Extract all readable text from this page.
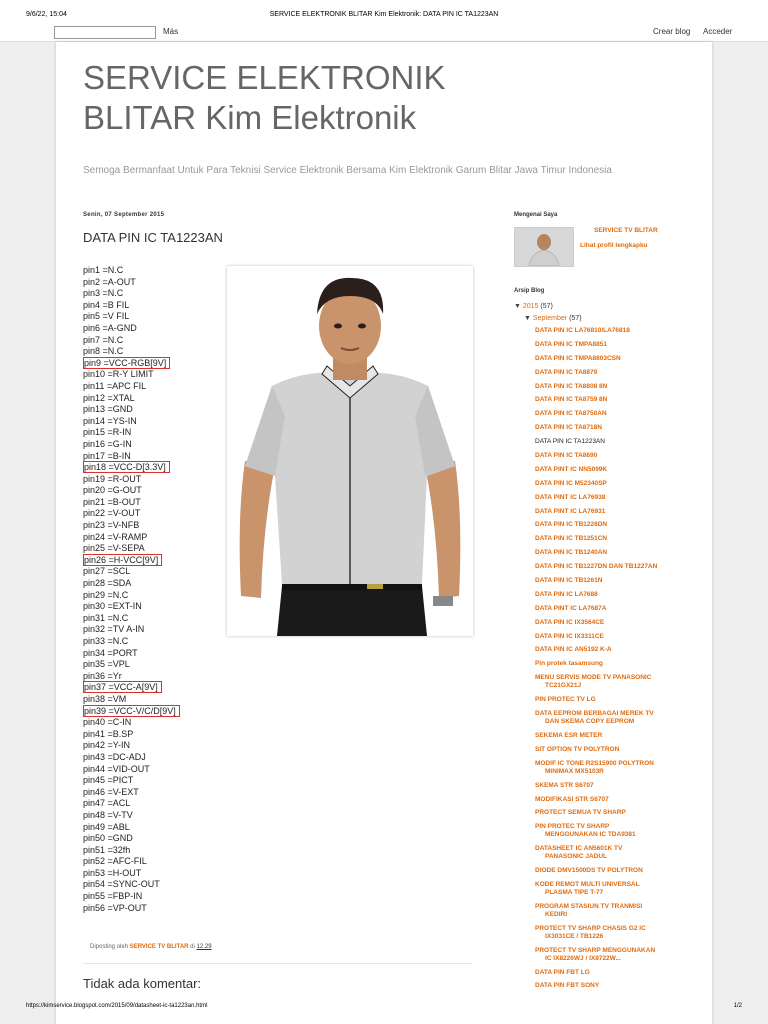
9/6/22, 15:04	SERVICE ELEKTRONIK BLITAR Kim Elektronik: DATA PIN IC TA1223AN
Más	Crear blog Acceder
SERVICE ELEKTRONIK
BLITAR Kim Elektronik
Semoga Bermanfaat Untuk Para Teknisi Service Elektronik Bersama Kim Elektronik Garum Blitar Jawa Timur Indonesia
Senin, 07 September 2015
DATA PIN IC TA1223AN
pin1 =N.C
pin2 =A-OUT
pin3 =N.C
pin4 =B FIL
pin5 =V FIL
pin6 =A-GND
pin7 =N.C
pin8 =N.C
pin9 =VCC-RGB[9V]
pin10 =R-Y LIMIT
pin11 =APC FIL
pin12 =XTAL
pin13 =GND
pin14 =YS-IN
pin15 =R-IN
pin16 =G-IN
pin17 =B-IN
pin18 =VCC-D[3.3V]
pin19 =R-OUT
pin20 =G-OUT
pin21 =B-OUT
pin22 =V-OUT
pin23 =V-NFB
pin24 =V-RAMP
pin25 =V-SEPA
pin26 =H-VCC[9V]
pin27 =SCL
pin28 =SDA
pin29 =N.C
pin30 =EXT-IN
pin31 =N.C
pin32 =TV A-IN
pin33 =N.C
pin34 =PORT
pin35 =VPL
pin36 =Yr
pin37 =VCC-A[9V]
pin38 =VM
pin39 =VCC-V/C/D[9V]
pin40 =C-IN
pin41 =B.SP
pin42 =Y-IN
pin43 =DC-ADJ
pin44 =VID-OUT
pin45 =PICT
pin46 =V-EXT
pin47 =ACL
pin48 =V-TV
pin49 =ABL
pin50 =GND
pin51 =32fh
pin52 =AFC-FIL
pin53 =H-OUT
pin54 =SYNC-OUT
pin55 =FBP-IN
pin56 =VP-OUT
Diposting oleh SERVICE TV BLITAR di 12.29
Tidak ada komentar:
Mengenai Saya
SERVICE TV BLITAR
Lihat profil lengkapku
Arsip Blog
▼ 2015 (57)
▼ September (57)
DATA PIN IC LA76810/LA76818
DATA PIN IC TMPA8851
DATA PIN IC TMPA8803CSN
DATA PIN IC TA8879
DATA PIN IC TA8808 8N
DATA PIN IC TA8759 8N
DATA PIN IC TA8750AN
DATA PIN IC TA8718N
DATA PIN IC TA1223AN
DATA PIN IC TA8690
DATA PINT IC NN5099K
DATA PIN IC M52340SP
DATA PINT IC LA76938
DATA PINT IC LA76931
DATA PIN IC TB1226DN
DATA PIN IC TB1251CN
DATA PIN IC TB1240AN
DATA PIN IC TB1227DN DAN TB1227AN
DATA PIN IC TB1261N
DATA PIN IC LA7688
DATA PINT IC LA7687A
DATA PIN IC IX3564CE
DATA PIN IC IX3311CE
DATA PIN IC AN5192 K-A
Pin protek tasamsung
MENU SERVIS MODE TV PANASONIC
TC21GX21J
PIN PROTEC TV LG
DATA EEPROM BERBAGAI MEREK TV
DAN SKEMA COPY EEPROM
SEKEMA ESR METER
SIT OPTION TV POLYTRON
MODIF IC TONE R2S15900 POLYTRON
MINIMAX MX5103R
SKEMA STR S6707
MODIFIKASI STR S6707
PROTECT SEMUA TV SHARP
PIN PROTEC TV SHARP
MENGGUNAKAN IC TDA9381
DATASHEET IC AN5601K TV
PANASONIC JADUL
DIODE DMV1500DS TV POLYTRON
KODE REMOT MULTI UNIVERSAL
PLASMA TIPE T-77
PROGRAM STASIUN TV TRANMISI
KEDIRI
PROTECT TV SHARP CHASIS G2 IC
IX3031CE / TB1226
PROTECT TV SHARP MENGGUNAKAN
IC IX8226WJ / IX8722W...
DATA PIN FBT LG
DATA PIN FBT SONY
https://kimservice.blogspot.com/2015/09/datasheet-ic-ta1223an.html	1/2
